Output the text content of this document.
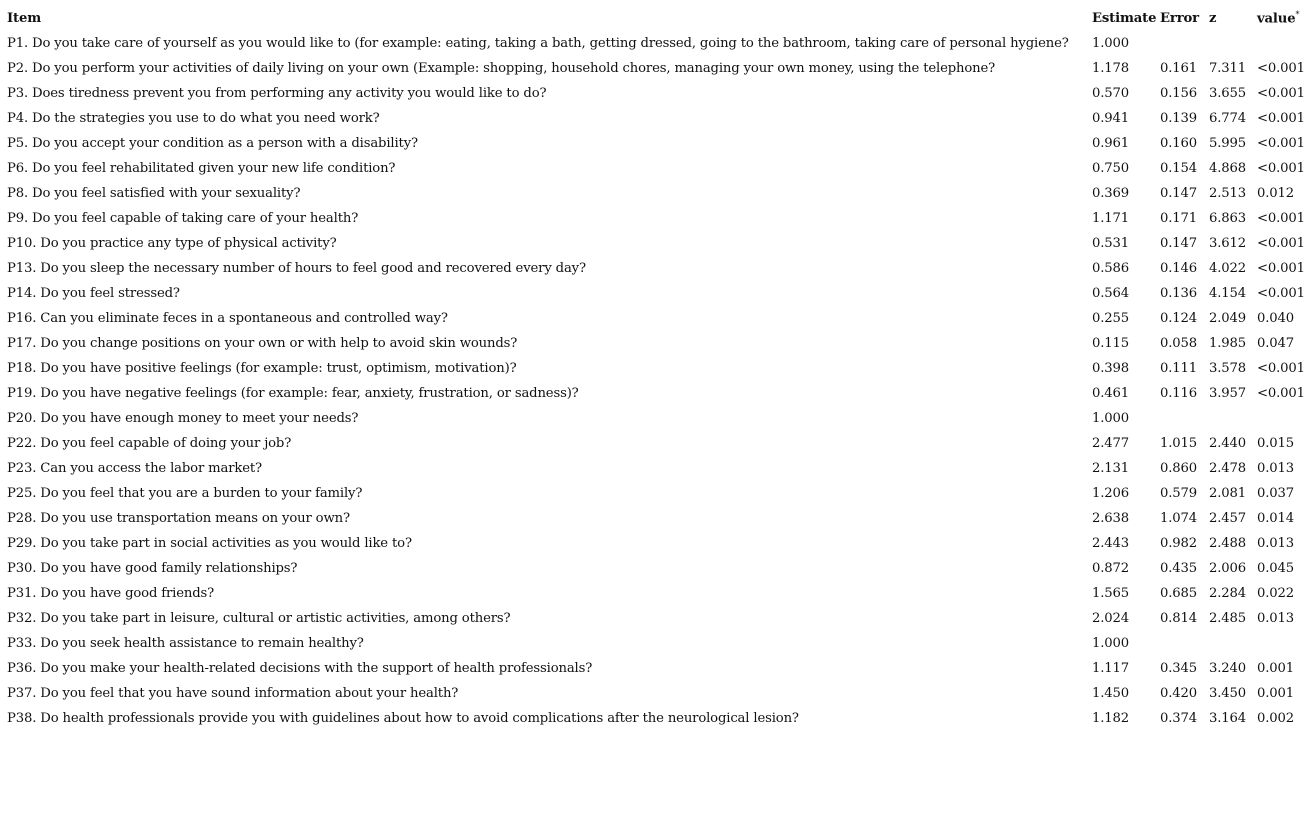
Item	Estimate	Error	z	value*
P1. Do you take care of yourself as you would like to (for example: eating, taking a bath, getting dressed, going to the bathroom, taking care of personal hygiene?	1.000			
P2. Do you perform your activities of daily living on your own (Example: shopping, household chores, managing your own money, using the telephone?	1.178	0.161	7.311	<0.001
P3. Does tiredness prevent you from performing any activity you would like to do?	0.570	0.156	3.655	<0.001
P4. Do the strategies you use to do what you need work?	0.941	0.139	6.774	<0.001
P5. Do you accept your condition as a person with a disability?	0.961	0.160	5.995	<0.001
P6. Do you feel rehabilitated given your new life condition?	0.750	0.154	4.868	<0.001
P8. Do you feel satisfied with your sexuality?	0.369	0.147	2.513	0.012
P9. Do you feel capable of taking care of your health?	1.171	0.171	6.863	<0.001
P10. Do you practice any type of physical activity?	0.531	0.147	3.612	<0.001
P13. Do you sleep the necessary number of hours to feel good and recovered every day?	0.586	0.146	4.022	<0.001
P14. Do you feel stressed?	0.564	0.136	4.154	<0.001
P16. Can you eliminate feces in a spontaneous and controlled way?	0.255	0.124	2.049	0.040
P17. Do you change positions on your own or with help to avoid skin wounds?	0.115	0.058	1.985	0.047
P18. Do you have positive feelings (for example: trust, optimism, motivation)?	0.398	0.111	3.578	<0.001
P19. Do you have negative feelings (for example: fear, anxiety, frustration, or sadness)?	0.461	0.116	3.957	<0.001
P20. Do you have enough money to meet your needs?	1.000			
P22. Do you feel capable of doing your job?	2.477	1.015	2.440	0.015
P23. Can you access the labor market?	2.131	0.860	2.478	0.013
P25. Do you feel that you are a burden to your family?	1.206	0.579	2.081	0.037
P28. Do you use transportation means on your own?	2.638	1.074	2.457	0.014
P29. Do you take part in social activities as you would like to?	2.443	0.982	2.488	0.013
P30. Do you have good family relationships?	0.872	0.435	2.006	0.045
P31. Do you have good friends?	1.565	0.685	2.284	0.022
P32. Do you take part in leisure, cultural or artistic activities, among others?	2.024	0.814	2.485	0.013
P33. Do you seek health assistance to remain healthy?	1.000			
P36. Do you make your health-related decisions with the support of health professionals?	1.117	0.345	3.240	0.001
P37. Do you feel that you have sound information about your health?	1.450	0.420	3.450	0.001
P38. Do health professionals provide you with guidelines about how to avoid complications after the neurological lesion?	1.182	0.374	3.164	0.002
